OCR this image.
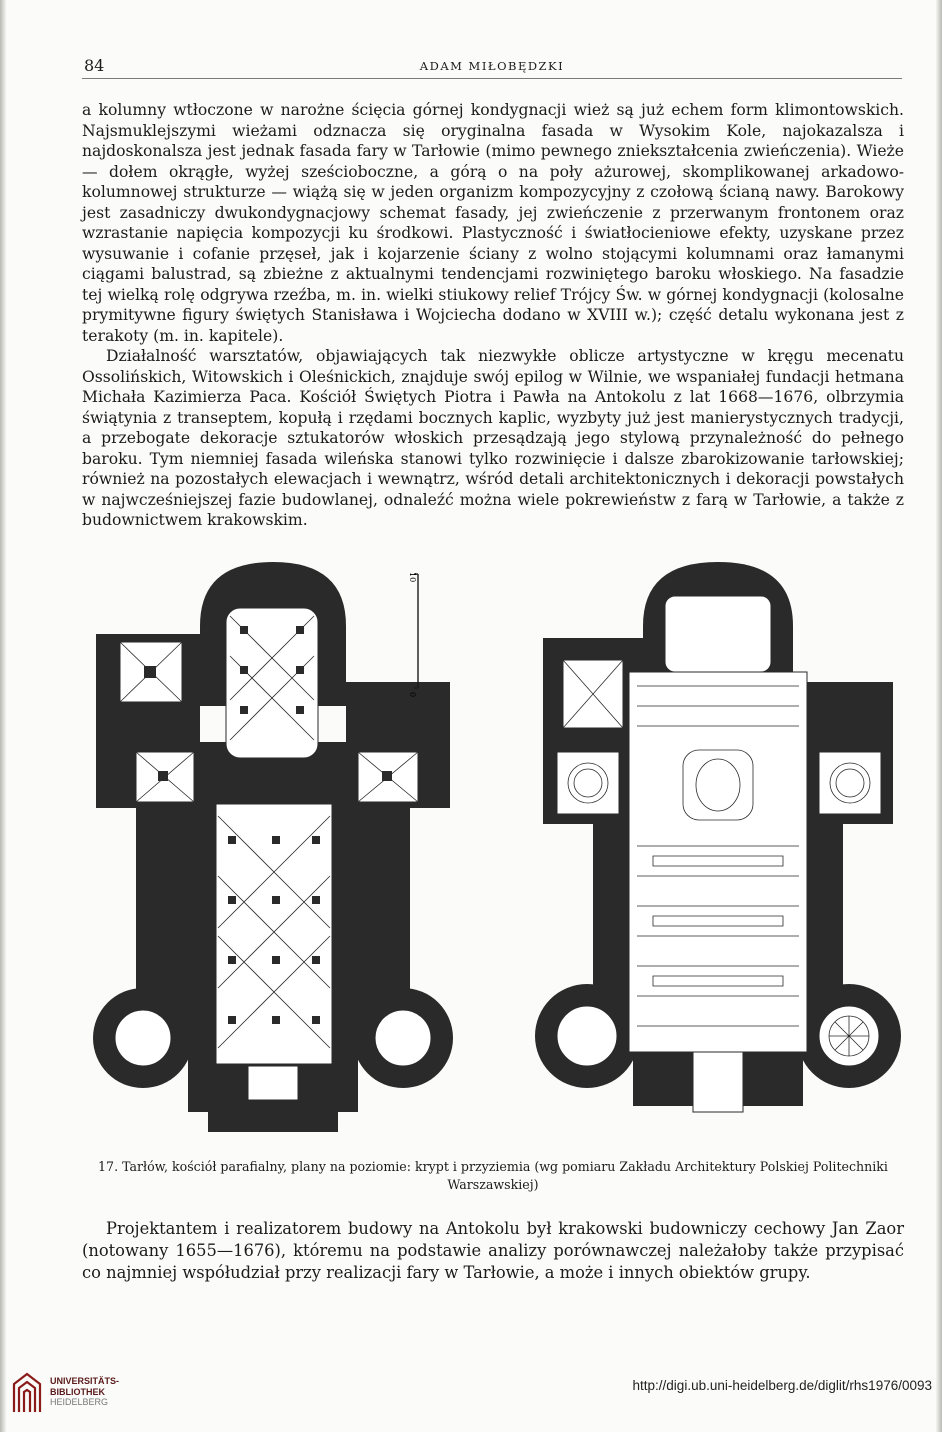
84	ADAM MIŁOBĘDZKI

a kolumny wtłoczone w narożne ścięcia górnej kondygnacji wież są już echem form klimontowskich. Najsmuklejszymi wieżami odznacza się oryginalna fasada w Wysokim Kole, najokazalsza i najdoskonalsza jest jednak fasada fary w Tarłowie (mimo pewnego zniekształcenia zwieńczenia). Wieże — dołem okrągłe, wyżej sześcioboczne, a górą o na poły ażurowej, skomplikowanej arkadowo-kolumnowej strukturze — wiążą się w jeden organizm kompozycyjny z czołową ścianą nawy. Barokowy jest zasadniczy dwukondygnacjowy schemat fasady, jej zwieńczenie z przerwanym frontonem oraz wzrastanie napięcia kompozycji ku środkowi. Plastyczność i światłocieniowe efekty, uzyskane przez wysuwanie i cofanie przęseł, jak i kojarzenie ściany z wolno stojącymi kolumnami oraz łamanymi ciągami balustrad, są zbieżne z aktualnymi tendencjami rozwiniętego baroku włoskiego. Na fasadzie tej wielką rolę odgrywa rzeźba, m. in. wielki stiukowy relief Trójcy Św. w górnej kondygnacji (kolosalne prymitywne figury świętych Stanisława i Wojciecha dodano w XVIII w.); część detalu wykonana jest z terakoty (m. in. kapitele).

Działalność warsztatów, objawiających tak niezwykłe oblicze artystyczne w kręgu mecenatu Ossolińskich, Witowskich i Oleśnickich, znajduje swój epilog w Wilnie, we wspaniałej fundacji hetmana Michała Kazimierza Paca. Kościół Świętych Piotra i Pawła na Antokolu z lat 1668—1676, olbrzymia świątynia z transeptem, kopułą i rzędami bocznych kaplic, wyzbyty już jest manierystycznych tradycji, a przebogate dekoracje sztukatorów włoskich przesądzają jego stylową przynależność do pełnego baroku. Tym niemniej fasada wileńska stanowi tylko rozwinięcie i dalsze zbarokizowanie tarłowskiej; również na pozostałych elewacjach i wewnątrz, wśród detali architektonicznych i dekoracji powstałych w najwcześniejszej fazie budowlanej, odnaleźć można wiele pokrewieństw z farą w Tarłowie, a także z budownictwem krakowskim.

10
0
17. Tarłów, kościół parafialny, plany na poziomie: krypt i przyziemia (wg pomiaru Zakładu Architektury Polskiej Politechniki Warszawskiej)

Projektantem i realizatorem budowy na Antokolu był krakowski budowniczy cechowy Jan Zaor (notowany 1655—1676), któremu na podstawie analizy porównawczej należałoby także przypisać co najmniej współudział przy realizacji fary w Tarłowie, a może i innych obiektów grupy.

UNIVERSITÄTS-
BIBLIOTHEK
HEIDELBERG
http://digi.ub.uni-heidelberg.de/diglit/rhs1976/0093
